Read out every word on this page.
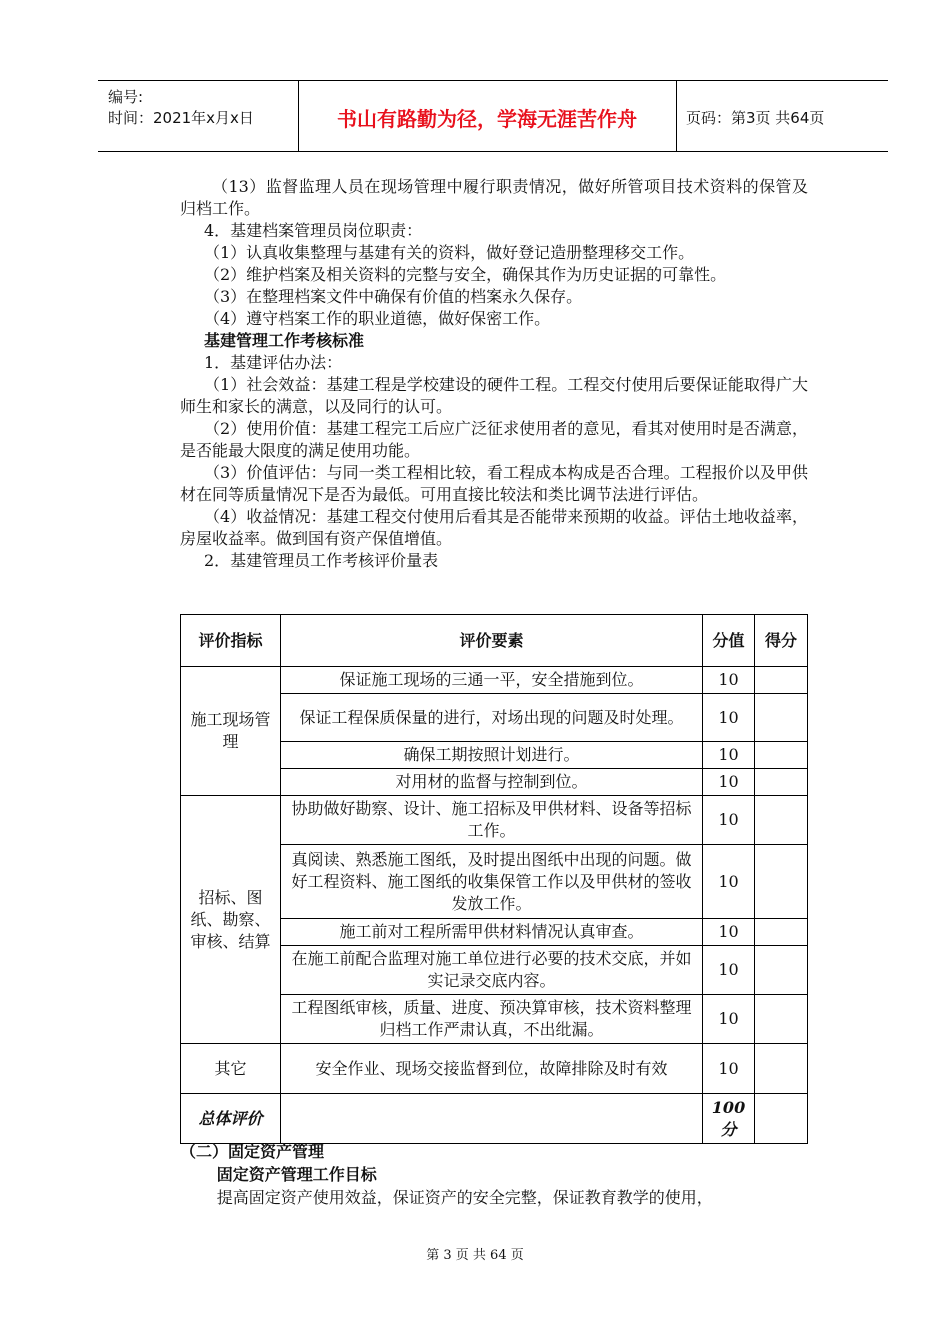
编号:
时间：2021年x月x日	书山有路勤为径，学海无涯苦作舟	页码：第3页 共64页

（13）监督监理人员在现场管理中履行职责情况，做好所管项目技术资料的保管及归档工作。

4．基建档案管理员岗位职责：

（1）认真收集整理与基建有关的资料，做好登记造册整理移交工作。

（2）维护档案及相关资料的完整与安全，确保其作为历史证据的可靠性。

（3）在整理档案文件中确保有价值的档案永久保存。

（4）遵守档案工作的职业道德，做好保密工作。

基建管理工作考核标准

1．基建评估办法：

（1）社会效益：基建工程是学校建设的硬件工程。工程交付使用后要保证能取得广大师生和家长的满意，以及同行的认可。

（2）使用价值：基建工程完工后应广泛征求使用者的意见，看其对使用时是否满意，是否能最大限度的满足使用功能。

（3）价值评估：与同一类工程相比较，看工程成本构成是否合理。工程报价以及甲供材在同等质量情况下是否为最低。可用直接比较法和类比调节法进行评估。

（4）收益情况：基建工程交付使用后看其是否能带来预期的收益。评估土地收益率，房屋收益率。做到国有资产保值增值。

2．基建管理员工作考核评价量表

评价指标	评价要素	分值	得分
施工现场管理	保证施工现场的三通一平，安全措施到位。	10	
	保证工程保质保量的进行，对场出现的问题及时处理。	10	
	确保工期按照计划进行。	10	
	对用材的监督与控制到位。	10	
招标、图纸、勘察、审核、结算	协助做好勘察、设计、施工招标及甲供材料、设备等招标工作。	10	
	真阅读、熟悉施工图纸，及时提出图纸中出现的问题。做好工程资料、施工图纸的收集保管工作以及甲供材的签收发放工作。	10	
	施工前对工程所需甲供材料情况认真审查。	10	
	在施工前配合监理对施工单位进行必要的技术交底，并如实记录交底内容。	10	
	工程图纸审核，质量、进度、预决算审核，技术资料整理归档工作严肃认真，不出纰漏。	10	
其它	安全作业、现场交接监督到位，故障排除及时有效	10	
总体评价		100分	

（二）固定资产管理

固定资产管理工作目标

提高固定资产使用效益，保证资产的安全完整，保证教育教学的使用，

第 3 页 共 64 页
